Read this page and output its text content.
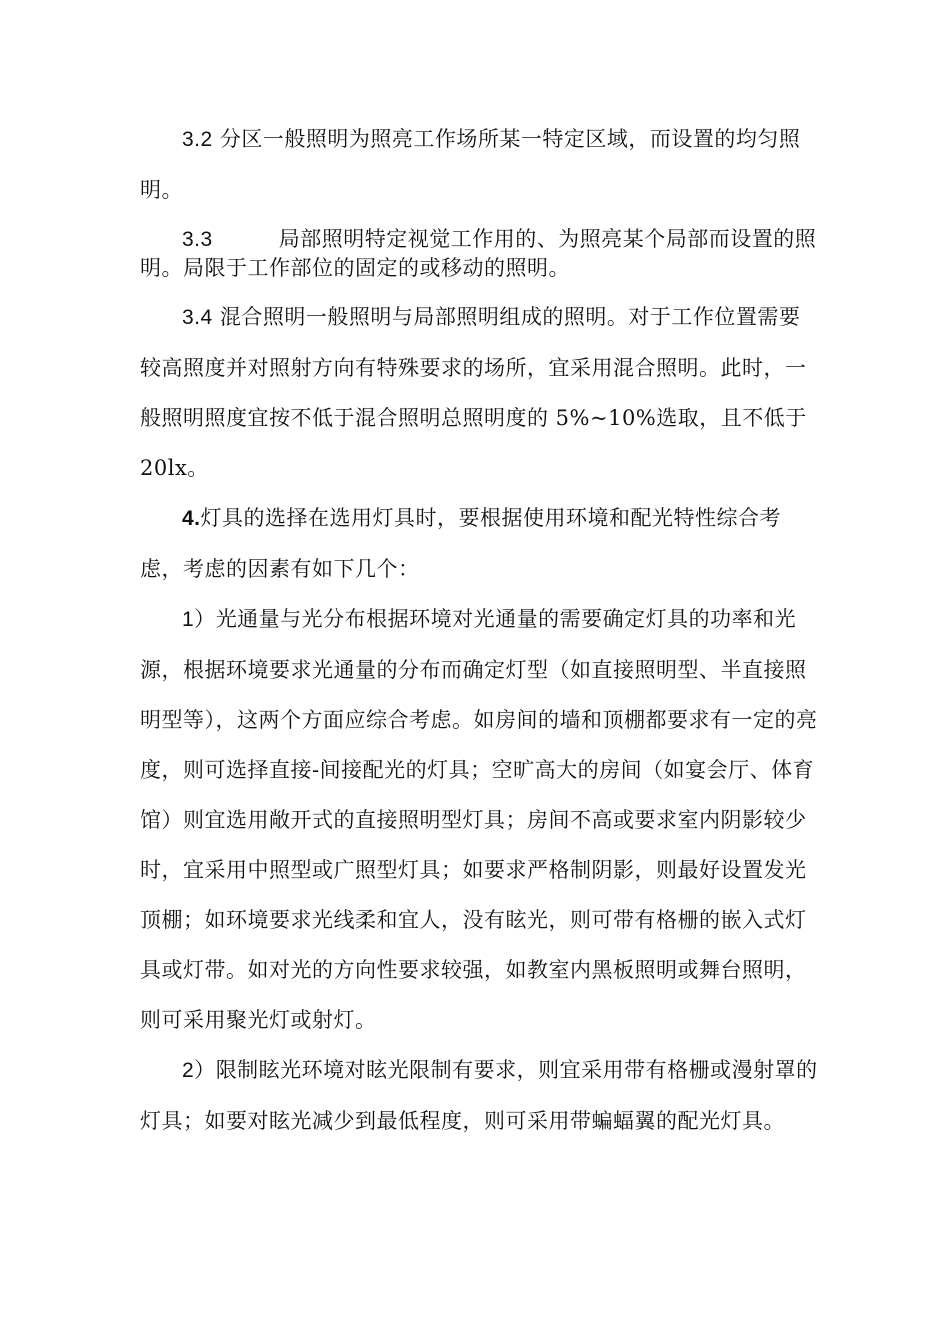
3.2 分区一般照明为照亮工作场所某一特定区域，而设置的均匀照明。

3.3	局部照明特定视觉工作用的、为照亮某个局部而设置的照明。局限于工作部位的固定的或移动的照明。

3.4 混合照明一般照明与局部照明组成的照明。对于工作位置需要较高照度并对照射方向有特殊要求的场所，宜采用混合照明。此时，一般照明照度宜按不低于混合照明总照明度的 5%~10%选取，且不低于 20lx。

4.灯具的选择在选用灯具时，要根据使用环境和配光特性综合考虑，考虑的因素有如下几个：

1）光通量与光分布根据环境对光通量的需要确定灯具的功率和光源，根据环境要求光通量的分布而确定灯型（如直接照明型、半直接照明型等），这两个方面应综合考虑。如房间的墙和顶棚都要求有一定的亮度，则可选择直接-间接配光的灯具；空旷高大的房间（如宴会厅、体育馆）则宜选用敞开式的直接照明型灯具；房间不高或要求室内阴影较少时，宜采用中照型或广照型灯具；如要求严格制阴影，则最好设置发光顶棚；如环境要求光线柔和宜人，没有眩光，则可带有格栅的嵌入式灯具或灯带。如对光的方向性要求较强，如教室内黑板照明或舞台照明，则可采用聚光灯或射灯。

2）限制眩光环境对眩光限制有要求，则宜采用带有格栅或漫射罩的灯具；如要对眩光减少到最低程度，则可采用带蝙蝠翼的配光灯具。
